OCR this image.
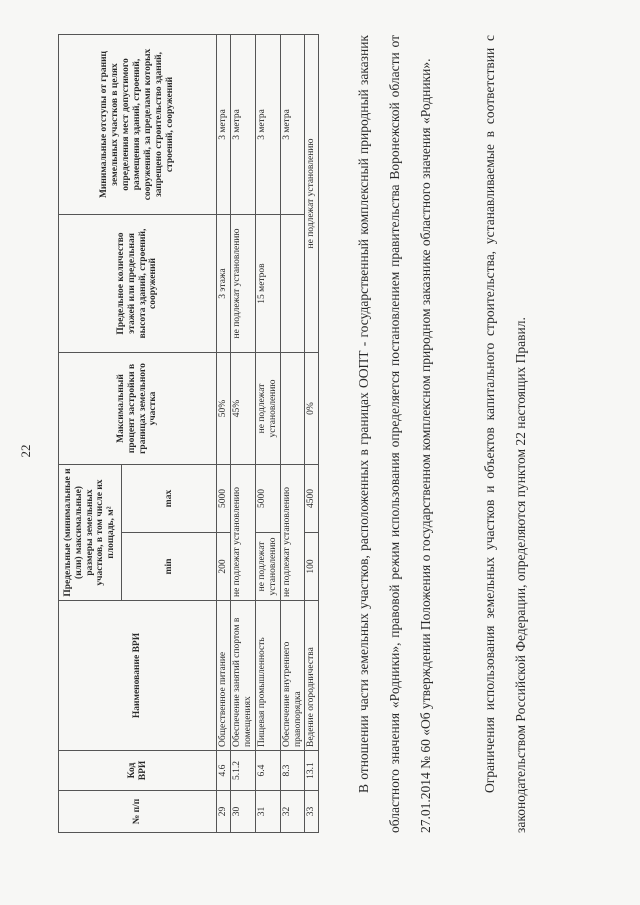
22
№ п/п	Код ВРИ	Наименование ВРИ	Предельные (минимальные и (или) максимальные) размеры земельных участков, в том числе их площадь, м²		Максимальный процент застройки в границах земельного участка	Предельное количество этажей или предельная высота зданий, строений, сооружений	Минимальные отступы от границ земельных участков в целях определения мест допустимого размещения зданий, строений, сооружений, за пределами которых запрещено строительство зданий, строений, сооружений
			min	max			
29	4.6	Общественное питание	200	5000	50%	3 этажа	3 метра
30	5.1.2	Обеспечение занятий спортом в помещениях	не подлежат установлению		45%	не подлежат установлению	3 метра
31	6.4	Пищевая промышленность	не подлежат установлению	5000	не подлежат установлению	15 метров	3 метра
32	8.3	Обеспечение внутреннего правопорядка	не подлежат установлению				3 метра
33	13.1	Ведение огородничества	100	4500	0%	не подлежат установлению		В отношении части земельных участков, расположенных в границах ООПТ - государственный комплексный природный заказник областного значения «Родники», правовой режим использования определяется постановлением правительства Воронежской области от 27.01.2014 № 60 «Об утверждении Положения о государственном комплексном природном заказнике областного значения «Родники».	Ограничения использования земельных участков и объектов капитального строительства, устанавливаемые в соответствии с законодательством Российской Федерации, определяются пунктом 22 настоящих Правил.
